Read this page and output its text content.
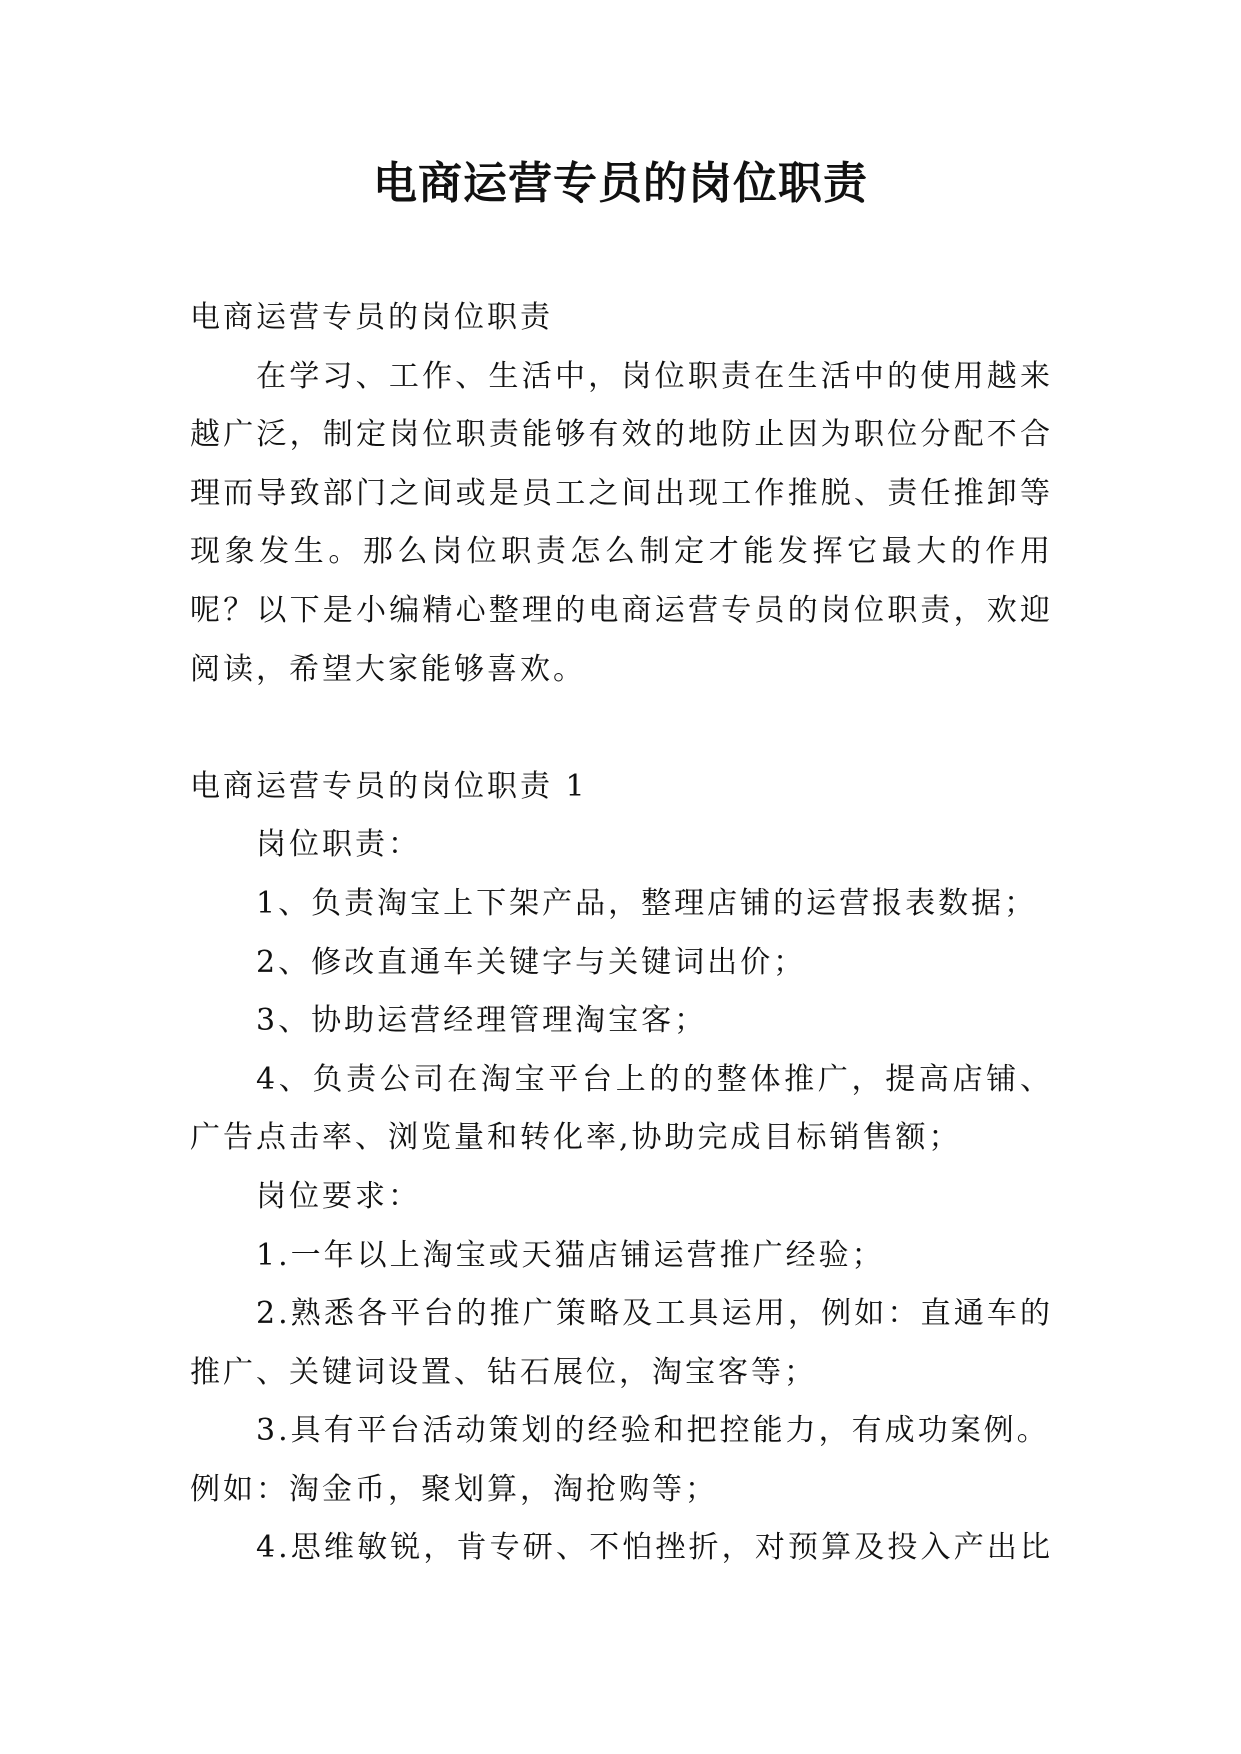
电商运营专员的岗位职责
电商运营专员的岗位职责
在学习、工作、生活中，岗位职责在生活中的使用越来
越广泛，制定岗位职责能够有效的地防止因为职位分配不合
理而导致部门之间或是员工之间出现工作推脱、责任推卸等
现象发生。那么岗位职责怎么制定才能发挥它最大的作用
呢？以下是小编精心整理的电商运营专员的岗位职责，欢迎
阅读，希望大家能够喜欢。
电商运营专员的岗位职责 1
岗位职责：
1、负责淘宝上下架产品，整理店铺的运营报表数据；
2、修改直通车关键字与关键词出价；
3、协助运营经理管理淘宝客；
4、负责公司在淘宝平台上的的整体推广，提高店铺、
广告点击率、浏览量和转化率,协助完成目标销售额；
岗位要求：
1.一年以上淘宝或天猫店铺运营推广经验；
2.熟悉各平台的推广策略及工具运用，例如：直通车的
推广、关键词设置、钻石展位，淘宝客等；
3.具有平台活动策划的经验和把控能力，有成功案例。
例如：淘金币，聚划算，淘抢购等；
4.思维敏锐，肯专研、不怕挫折，对预算及投入产出比
